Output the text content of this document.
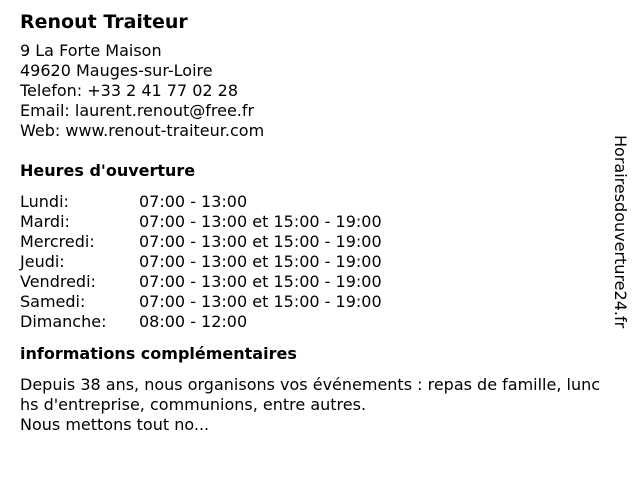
Renout Traiteur
9 La Forte Maison
49620 Mauges-sur-Loire
Telefon: +33 2 41 77 02 28
Email: laurent.renout@free.fr
Web: www.renout-traiteur.com
Heures d'ouverture
Lundi:	07:00 - 13:00
Mardi:	07:00 - 13:00 et 15:00 - 19:00
Mercredi:	07:00 - 13:00 et 15:00 - 19:00
Jeudi:	07:00 - 13:00 et 15:00 - 19:00
Vendredi:	07:00 - 13:00 et 15:00 - 19:00
Samedi:	07:00 - 13:00 et 15:00 - 19:00
Dimanche:	08:00 - 12:00
informations complémentaires
Depuis 38 ans, nous organisons vos événements : repas de famille, lunchs d'entreprise, communions, entre autres.
Nous mettons tout no...
Horairesdouverture24.fr
